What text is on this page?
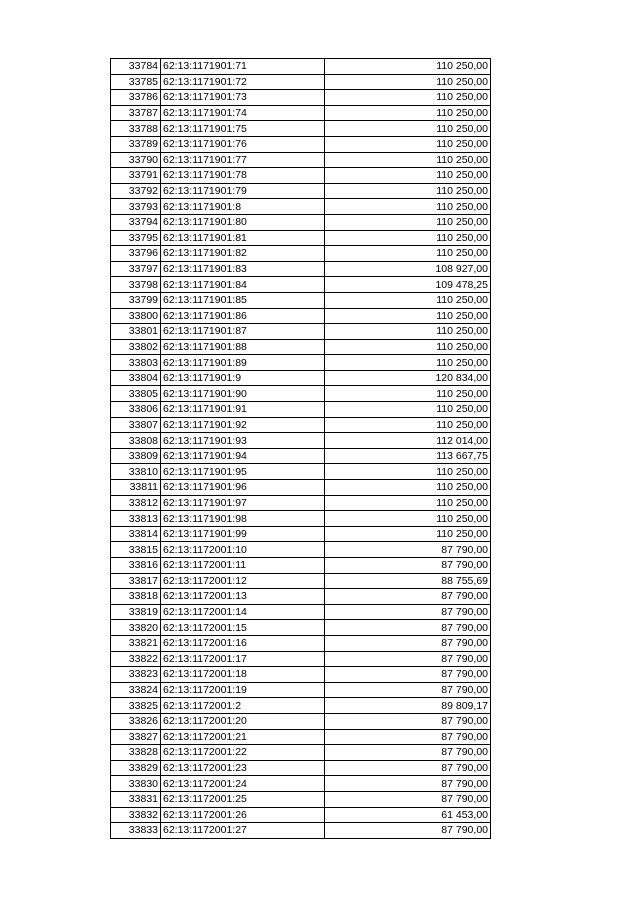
33784	62:13:1171901:71	110 250,00
33785	62:13:1171901:72	110 250,00
33786	62:13:1171901:73	110 250,00
33787	62:13:1171901:74	110 250,00
33788	62:13:1171901:75	110 250,00
33789	62:13:1171901:76	110 250,00
33790	62:13:1171901:77	110 250,00
33791	62:13:1171901:78	110 250,00
33792	62:13:1171901:79	110 250,00
33793	62:13:1171901:8	110 250,00
33794	62:13:1171901:80	110 250,00
33795	62:13:1171901:81	110 250,00
33796	62:13:1171901:82	110 250,00
33797	62:13:1171901:83	108 927,00
33798	62:13:1171901:84	109 478,25
33799	62:13:1171901:85	110 250,00
33800	62:13:1171901:86	110 250,00
33801	62:13:1171901:87	110 250,00
33802	62:13:1171901:88	110 250,00
33803	62:13:1171901:89	110 250,00
33804	62:13:1171901:9	120 834,00
33805	62:13:1171901:90	110 250,00
33806	62:13:1171901:91	110 250,00
33807	62:13:1171901:92	110 250,00
33808	62:13:1171901:93	112 014,00
33809	62:13:1171901:94	113 667,75
33810	62:13:1171901:95	110 250,00
33811	62:13:1171901:96	110 250,00
33812	62:13:1171901:97	110 250,00
33813	62:13:1171901:98	110 250,00
33814	62:13:1171901:99	110 250,00
33815	62:13:1172001:10	87 790,00
33816	62:13:1172001:11	87 790,00
33817	62:13:1172001:12	88 755,69
33818	62:13:1172001:13	87 790,00
33819	62:13:1172001:14	87 790,00
33820	62:13:1172001:15	87 790,00
33821	62:13:1172001:16	87 790,00
33822	62:13:1172001:17	87 790,00
33823	62:13:1172001:18	87 790,00
33824	62:13:1172001:19	87 790,00
33825	62:13:1172001:2	89 809,17
33826	62:13:1172001:20	87 790,00
33827	62:13:1172001:21	87 790,00
33828	62:13:1172001:22	87 790,00
33829	62:13:1172001:23	87 790,00
33830	62:13:1172001:24	87 790,00
33831	62:13:1172001:25	87 790,00
33832	62:13:1172001:26	61 453,00
33833	62:13:1172001:27	87 790,00
